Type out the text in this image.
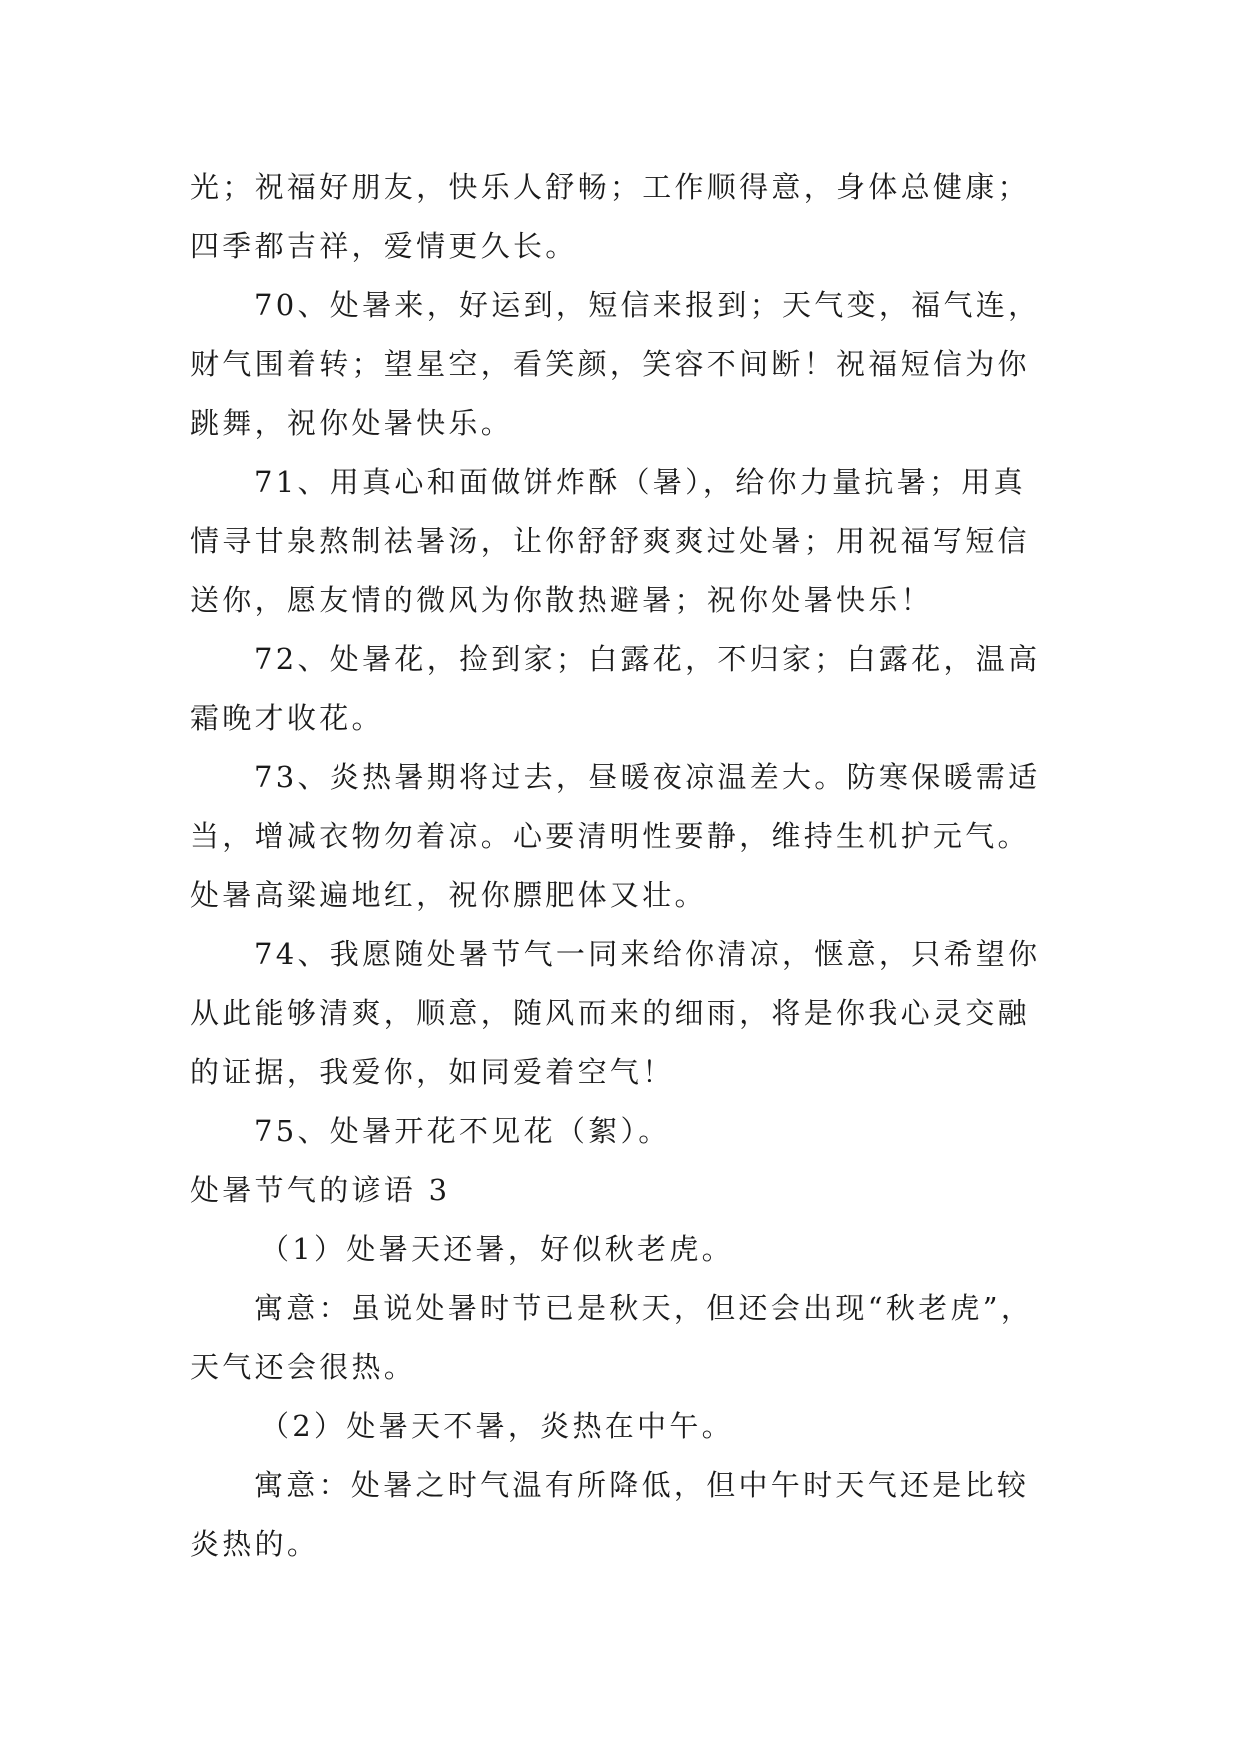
光；祝福好朋友，快乐人舒畅；工作顺得意，身体总健康；
四季都吉祥，爱情更久长。
70、处暑来，好运到，短信来报到；天气变，福气连，
财气围着转；望星空，看笑颜，笑容不间断！祝福短信为你
跳舞，祝你处暑快乐。
71、用真心和面做饼炸酥（暑），给你力量抗暑；用真
情寻甘泉熬制祛暑汤，让你舒舒爽爽过处暑；用祝福写短信
送你，愿友情的微风为你散热避暑；祝你处暑快乐！
72、处暑花，捡到家；白露花，不归家；白露花，温高
霜晚才收花。
73、炎热暑期将过去，昼暖夜凉温差大。防寒保暖需适
当，增减衣物勿着凉。心要清明性要静，维持生机护元气。
处暑高粱遍地红，祝你膘肥体又壮。
74、我愿随处暑节气一同来给你清凉，惬意，只希望你
从此能够清爽，顺意，随风而来的细雨，将是你我心灵交融
的证据，我爱你，如同爱着空气！
75、处暑开花不见花（絮）。
处暑节气的谚语 3
（1）处暑天还暑，好似秋老虎。
寓意：虽说处暑时节已是秋天，但还会出现“秋老虎”，
天气还会很热。
（2）处暑天不暑，炎热在中午。
寓意：处暑之时气温有所降低，但中午时天气还是比较
炎热的。
